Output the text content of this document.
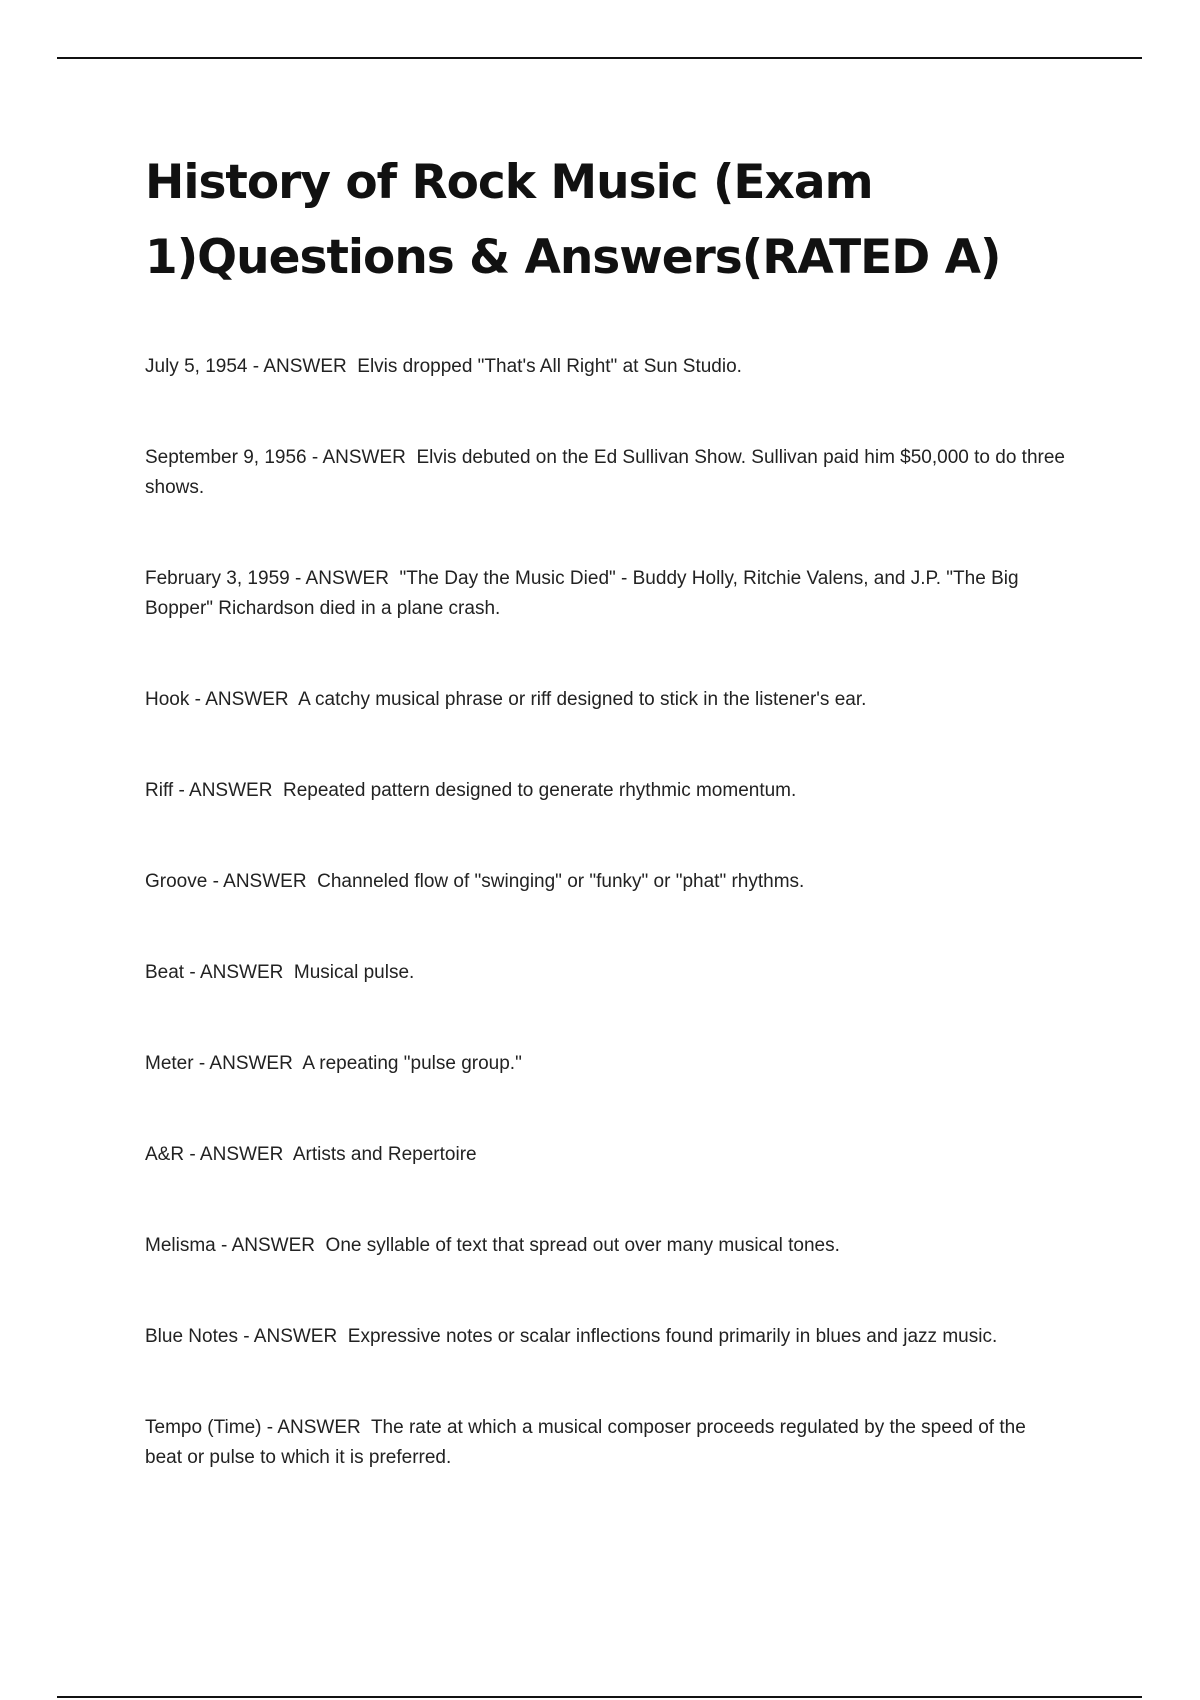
History of Rock Music (Exam 1)Questions & Answers(RATED A)
July 5, 1954 - ANSWER Elvis dropped "That's All Right" at Sun Studio.
September 9, 1956 - ANSWER Elvis debuted on the Ed Sullivan Show. Sullivan paid him $50,000 to do three shows.
February 3, 1959 - ANSWER "The Day the Music Died" - Buddy Holly, Ritchie Valens, and J.P. "The Big Bopper" Richardson died in a plane crash.
Hook - ANSWER A catchy musical phrase or riff designed to stick in the listener's ear.
Riff - ANSWER Repeated pattern designed to generate rhythmic momentum.
Groove - ANSWER Channeled flow of "swinging" or "funky" or "phat" rhythms.
Beat - ANSWER Musical pulse.
Meter - ANSWER A repeating "pulse group."
A&R - ANSWER Artists and Repertoire
Melisma - ANSWER One syllable of text that spread out over many musical tones.
Blue Notes - ANSWER Expressive notes or scalar inflections found primarily in blues and jazz music.
Tempo (Time) - ANSWER The rate at which a musical composer proceeds regulated by the speed of the beat or pulse to which it is preferred.
